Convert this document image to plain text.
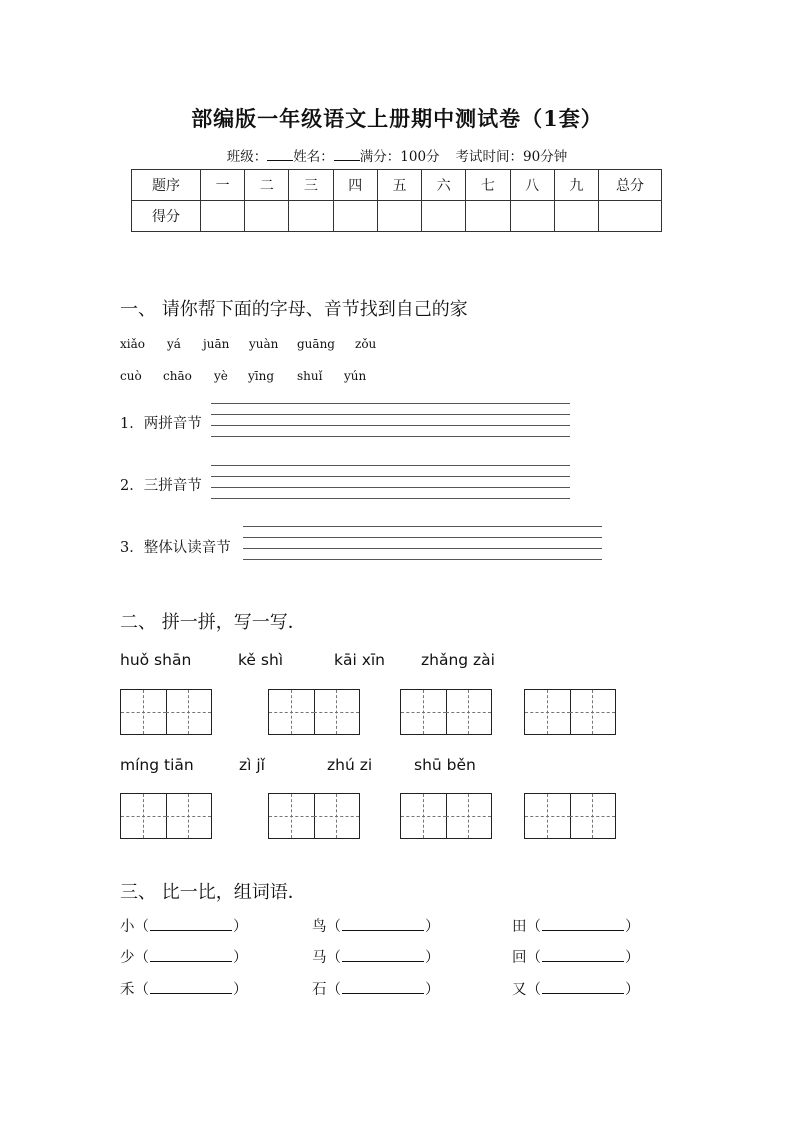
部编版一年级语文上册期中测试卷（1套）
班级： 姓名： 满分：100分 考试时间：90分钟
题序	一	二	三	四	五	六	七	八	九	总分
得分										
一、 请你帮下面的字母、音节找到自己的家
xiǎo yá juān yuàn guāng zǒu
cuò chāo yè yīng shuǐ yún
1．两拼音节
2．三拼音节
3．整体认读音节
二、 拼一拼，写一写．
huǒ shān	kě shì	kāi xīn zhǎng zài
míng tiān	zì jǐ	zhú zi	shū běn
三、 比一比，组词语．
小（	）	鸟（	）	田（	）
少（	）	马（	）	回（	）
禾（	）	石（	）	又（	）
